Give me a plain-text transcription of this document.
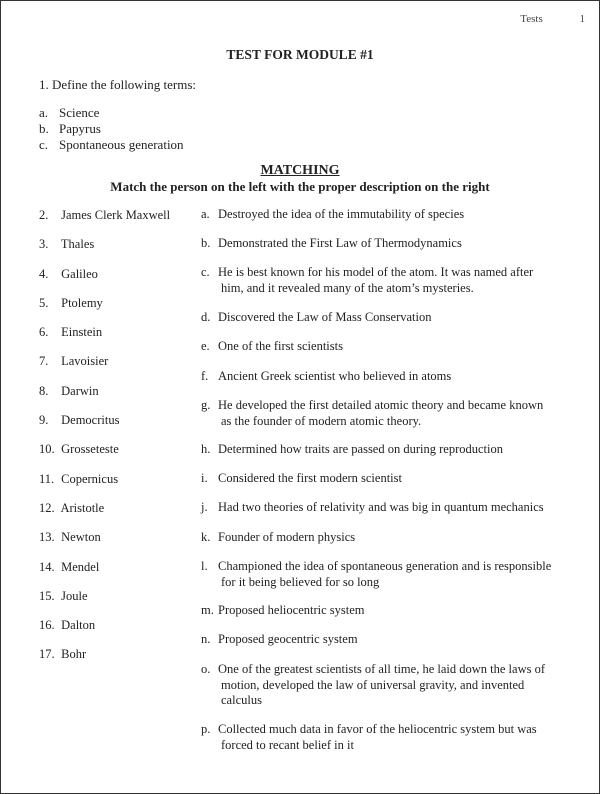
Tests	1
TEST FOR MODULE #1
1. Define the following terms:
a. Science
b. Papyrus
c. Spontaneous generation
MATCHING
Match the person on the left with the proper description on the right
2. James Clerk Maxwell
3. Thales
4. Galileo
5. Ptolemy
6. Einstein
7. Lavoisier
8. Darwin
9. Democritus
10. Grosseteste
11. Copernicus
12. Aristotle
13. Newton
14. Mendel
15. Joule
16. Dalton
17. Bohr
a. Destroyed the idea of the immutability of species
b. Demonstrated the First Law of Thermodynamics
c. He is best known for his model of the atom. It was named after
him, and it revealed many of the atom’s mysteries.
d. Discovered the Law of Mass Conservation
e. One of the first scientists
f. Ancient Greek scientist who believed in atoms
g. He developed the first detailed atomic theory and became known
as the founder of modern atomic theory.
h. Determined how traits are passed on during reproduction
i. Considered the first modern scientist
j. Had two theories of relativity and was big in quantum mechanics
k. Founder of modern physics
l. Championed the idea of spontaneous generation and is responsible
for it being believed for so long
m. Proposed heliocentric system
n. Proposed geocentric system
o. One of the greatest scientists of all time, he laid down the laws of
motion, developed the law of universal gravity, and invented
calculus
p. Collected much data in favor of the heliocentric system but was
forced to recant belief in it
